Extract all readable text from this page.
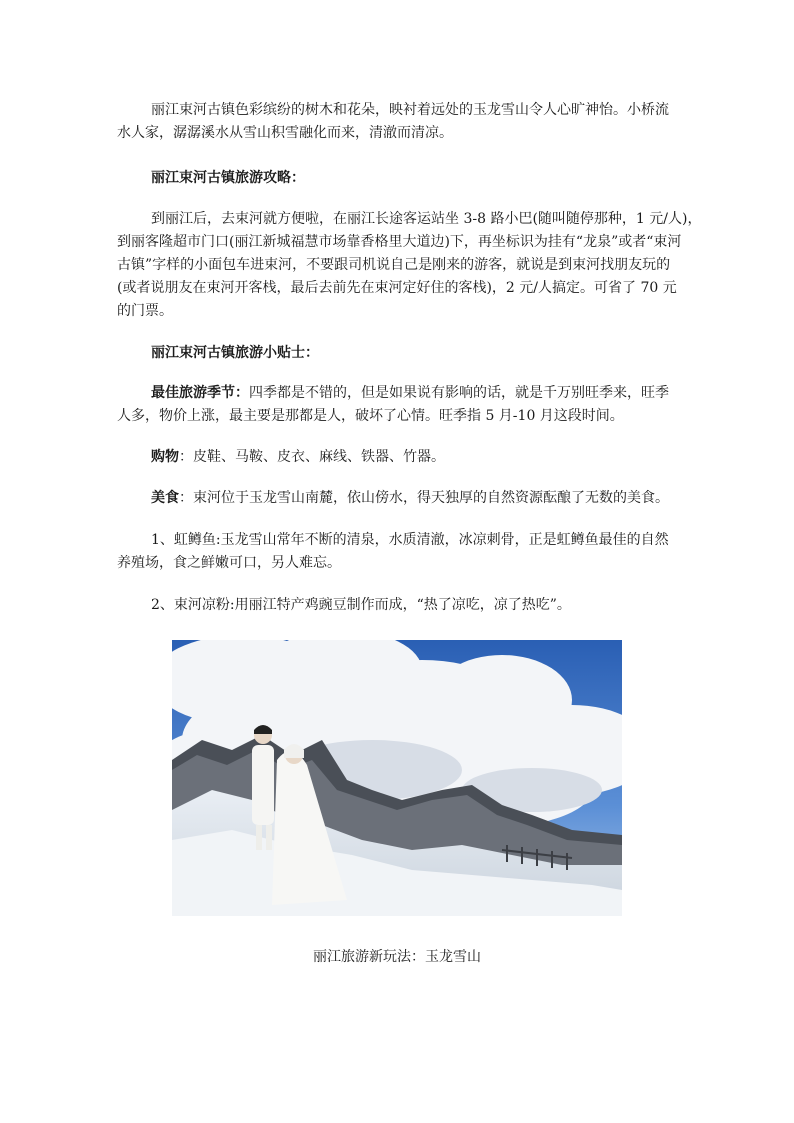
丽江束河古镇色彩缤纷的树木和花朵，映衬着远处的玉龙雪山令人心旷神怡。小桥流
水人家，潺潺溪水从雪山积雪融化而来，清澈而清凉。

丽江束河古镇旅游攻略：

到丽江后，去束河就方便啦，在丽江长途客运站坐 3-8 路小巴(随叫随停那种，1 元/人)，
到丽客隆超市门口(丽江新城福慧市场靠香格里大道边)下，再坐标识为挂有“龙泉”或者“束河
古镇”字样的小面包车进束河，不要跟司机说自己是刚来的游客，就说是到束河找朋友玩的
(或者说朋友在束河开客栈，最后去前先在束河定好住的客栈)，2 元/人搞定。可省了 70 元
的门票。

丽江束河古镇旅游小贴士：

最佳旅游季节：四季都是不错的，但是如果说有影响的话，就是千万别旺季来，旺季
人多，物价上涨，最主要是那都是人，破坏了心情。旺季指 5 月-10 月这段时间。

购物：皮鞋、马鞍、皮衣、麻线、铁器、竹器。

美食：束河位于玉龙雪山南麓，依山傍水，得天独厚的自然资源酝酿了无数的美食。

1、虹鳟鱼:玉龙雪山常年不断的清泉，水质清澈，冰凉刺骨，正是虹鳟鱼最佳的自然
养殖场，食之鲜嫩可口，另人难忘。

2、束河凉粉:用丽江特产鸡豌豆制作而成，“热了凉吃，凉了热吃”。

丽江旅游新玩法：玉龙雪山
